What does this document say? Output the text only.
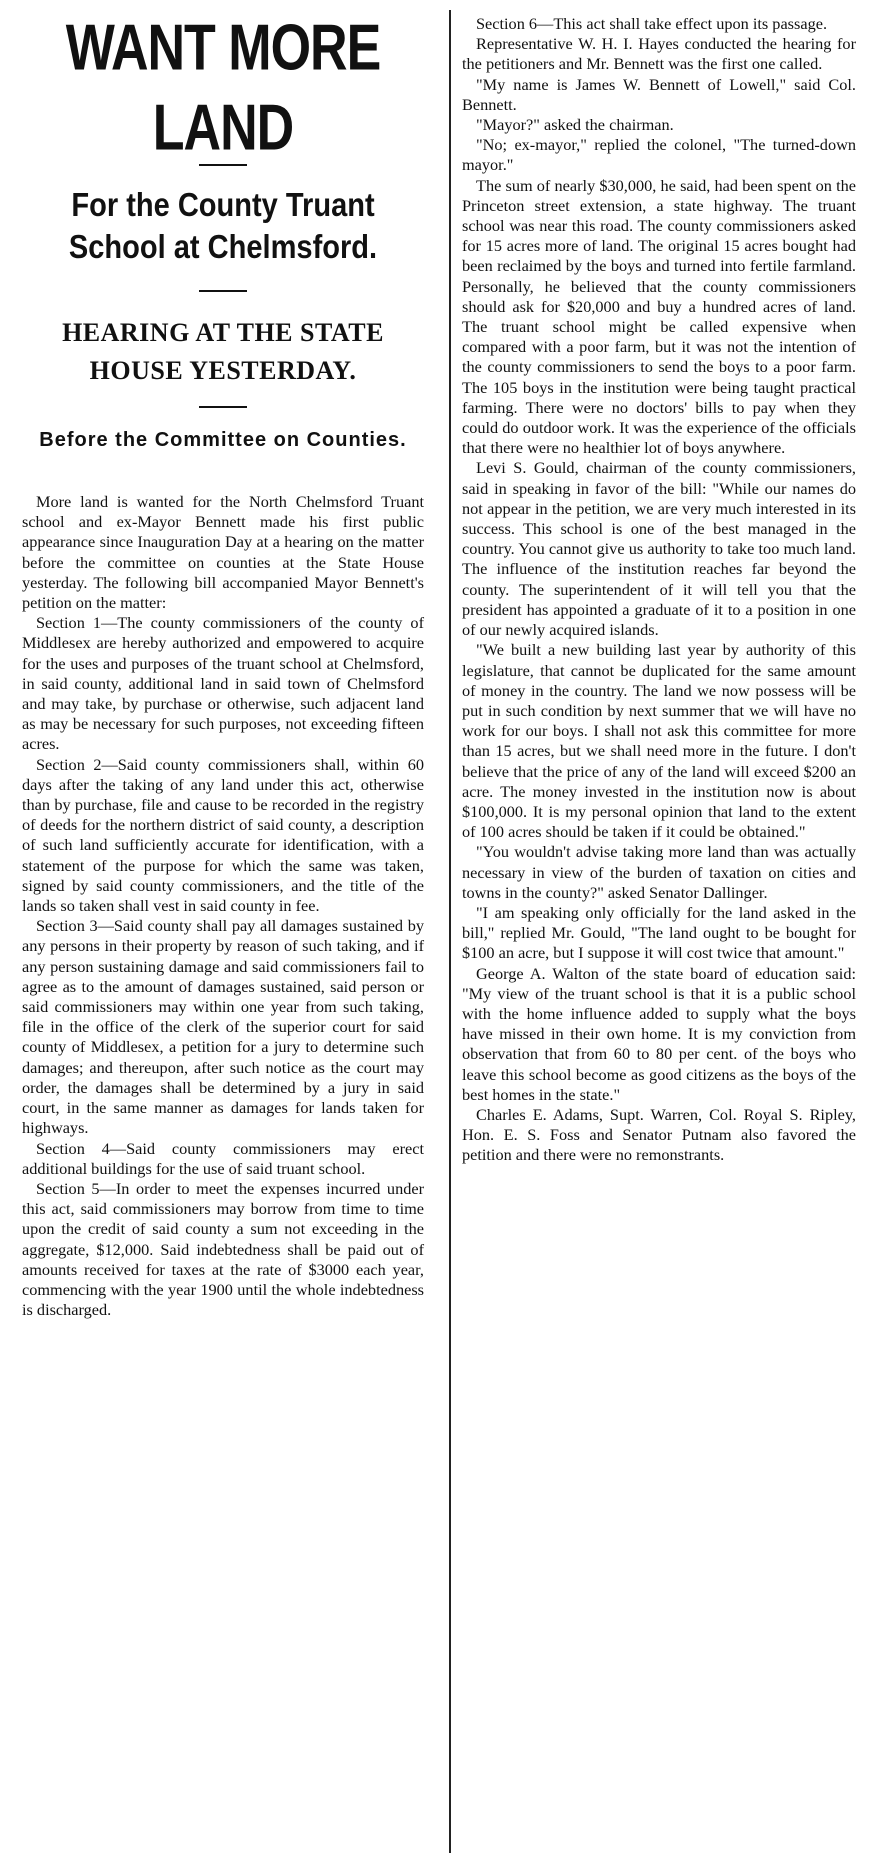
WANT MORE LAND
For the County Truant School at Chelmsford.
HEARING AT THE STATE HOUSE YESTERDAY.
Before the Committee on Counties.

More land is wanted for the North Chelmsford Truant school and ex-Mayor Bennett made his first public appearance since Inauguration Day at a hearing on the matter before the committee on counties at the State House yesterday. The following bill accompanied Mayor Bennett's petition on the matter:

Section 1—The county commissioners of the county of Middlesex are hereby authorized and empowered to acquire for the uses and purposes of the truant school at Chelmsford, in said county, additional land in said town of Chelmsford and may take, by purchase or otherwise, such adjacent land as may be necessary for such purposes, not exceeding fifteen acres.

Section 2—Said county commissioners shall, within 60 days after the taking of any land under this act, otherwise than by purchase, file and cause to be recorded in the registry of deeds for the northern district of said county, a description of such land sufficiently accurate for identification, with a statement of the purpose for which the same was taken, signed by said county commissioners, and the title of the lands so taken shall vest in said county in fee.

Section 3—Said county shall pay all damages sustained by any persons in their property by reason of such taking, and if any person sustaining damage and said commissioners fail to agree as to the amount of damages sustained, said person or said commissioners may within one year from such taking, file in the office of the clerk of the superior court for said county of Middlesex, a petition for a jury to determine such damages; and thereupon, after such notice as the court may order, the damages shall be determined by a jury in said court, in the same manner as damages for lands taken for highways.

Section 4—Said county commissioners may erect additional buildings for the use of said truant school.

Section 5—In order to meet the expenses incurred under this act, said commissioners may borrow from time to time upon the credit of said county a sum not exceeding in the aggregate, $12,000. Said indebtedness shall be paid out of amounts received for taxes at the rate of $3000 each year, commencing with the year 1900 until the whole indebtedness is discharged.

Section 6—This act shall take effect upon its passage.

Representative W. H. I. Hayes conducted the hearing for the petitioners and Mr. Bennett was the first one called.

"My name is James W. Bennett of Lowell," said Col. Bennett.

"Mayor?" asked the chairman.

"No; ex-mayor," replied the colonel, "The turned-down mayor."

The sum of nearly $30,000, he said, had been spent on the Princeton street extension, a state highway. The truant school was near this road. The county commissioners asked for 15 acres more of land. The original 15 acres bought had been reclaimed by the boys and turned into fertile farmland. Personally, he believed that the county commissioners should ask for $20,000 and buy a hundred acres of land. The truant school might be called expensive when compared with a poor farm, but it was not the intention of the county commissioners to send the boys to a poor farm. The 105 boys in the institution were being taught practical farming. There were no doctors' bills to pay when they could do outdoor work. It was the experience of the officials that there were no healthier lot of boys anywhere.

Levi S. Gould, chairman of the county commissioners, said in speaking in favor of the bill: "While our names do not appear in the petition, we are very much interested in its success. This school is one of the best managed in the country. You cannot give us authority to take too much land. The influence of the institution reaches far beyond the county. The superintendent of it will tell you that the president has appointed a graduate of it to a position in one of our newly acquired islands.

"We built a new building last year by authority of this legislature, that cannot be duplicated for the same amount of money in the country. The land we now possess will be put in such condition by next summer that we will have no work for our boys. I shall not ask this committee for more than 15 acres, but we shall need more in the future. I don't believe that the price of any of the land will exceed $200 an acre. The money invested in the institution now is about $100,000. It is my personal opinion that land to the extent of 100 acres should be taken if it could be obtained."

"You wouldn't advise taking more land than was actually necessary in view of the burden of taxation on cities and towns in the county?" asked Senator Dallinger.

"I am speaking only officially for the land asked in the bill," replied Mr. Gould, "The land ought to be bought for $100 an acre, but I suppose it will cost twice that amount."

George A. Walton of the state board of education said: "My view of the truant school is that it is a public school with the home influence added to supply what the boys have missed in their own home. It is my conviction from observation that from 60 to 80 per cent. of the boys who leave this school become as good citizens as the boys of the best homes in the state."

Charles E. Adams, Supt. Warren, Col. Royal S. Ripley, Hon. E. S. Foss and Senator Putnam also favored the petition and there were no remonstrants.
